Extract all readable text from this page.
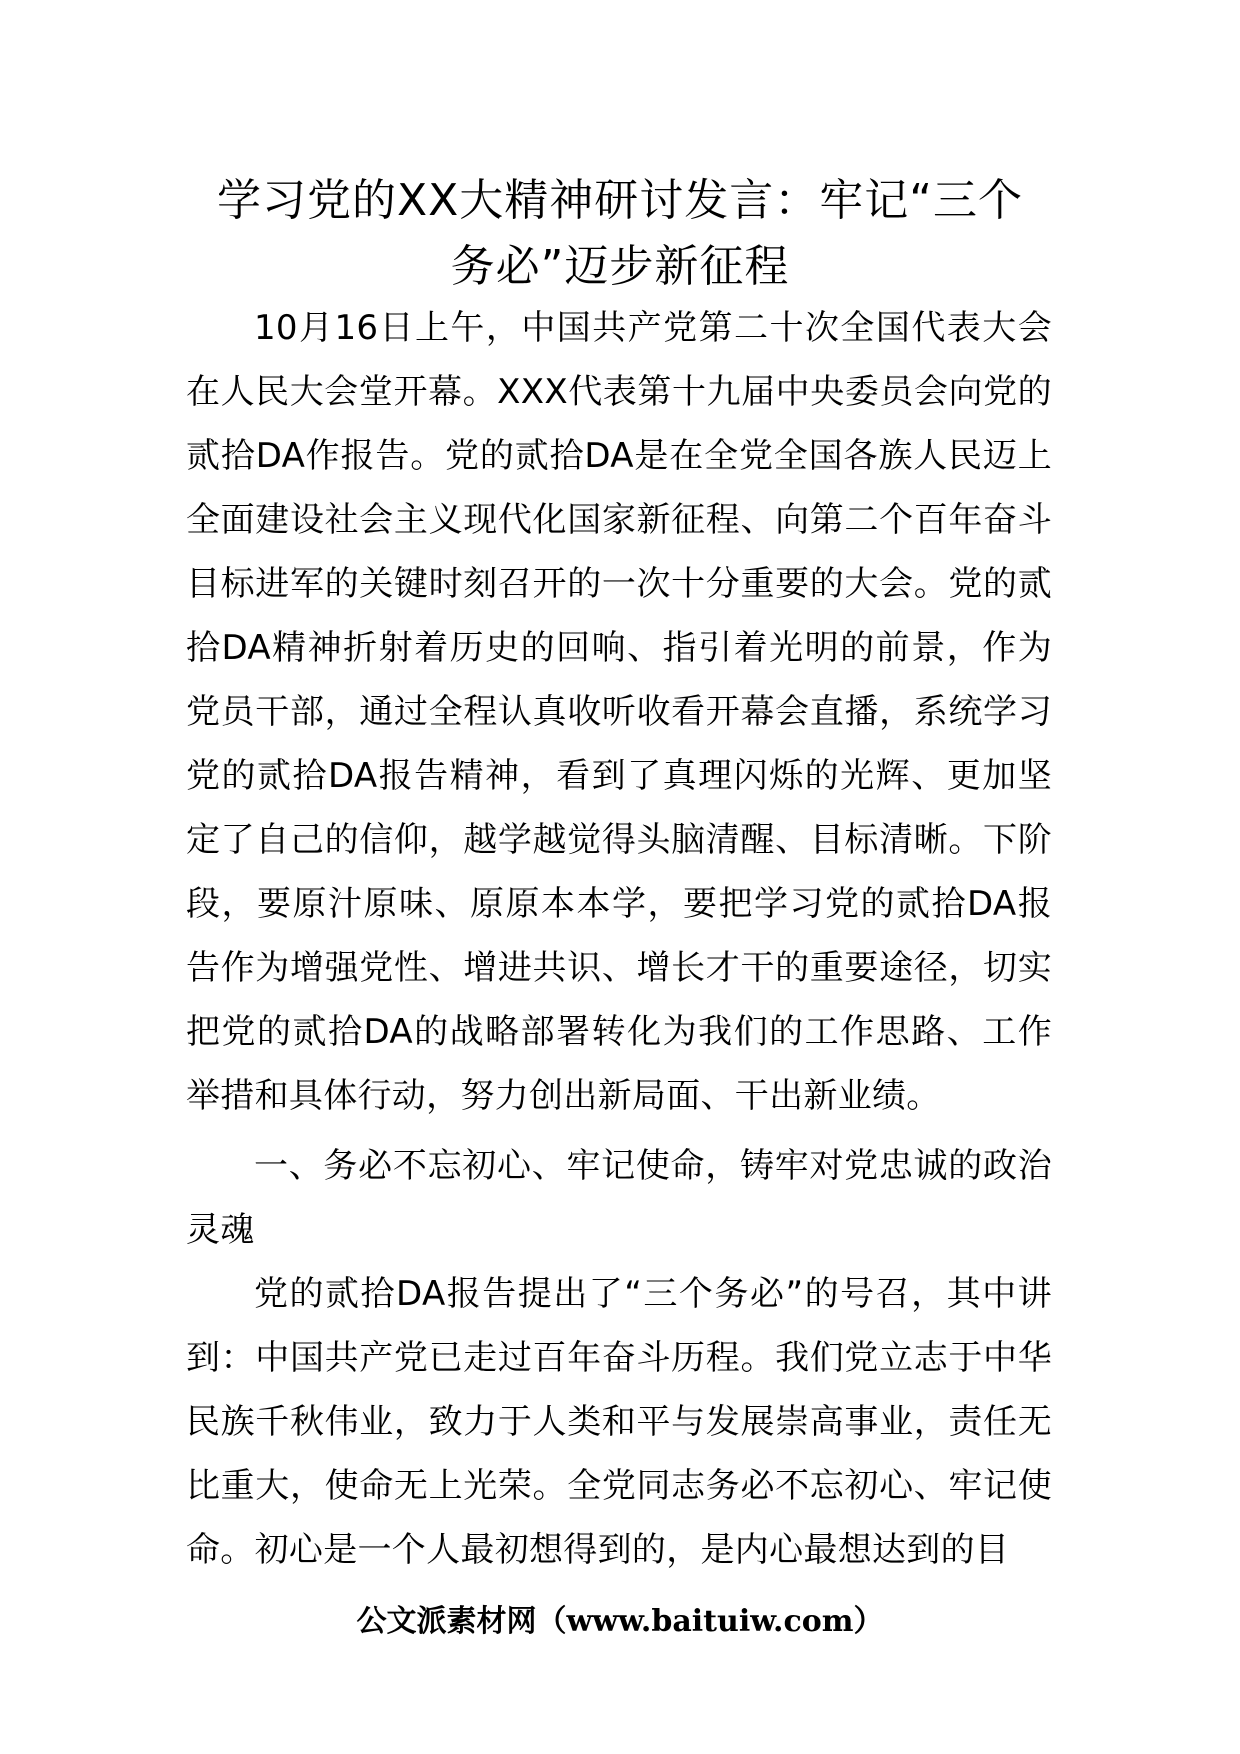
学习党的XX大精神研讨发言：牢记“三个
务必”迈步新征程

10月16日上午，中国共产党第二十次全国代表大会在人民大会堂开幕。XXX代表第十九届中央委员会向党的贰拾DA作报告。党的贰拾DA是在全党全国各族人民迈上全面建设社会主义现代化国家新征程、向第二个百年奋斗目标进军的关键时刻召开的一次十分重要的大会。党的贰拾DA精神折射着历史的回响、指引着光明的前景，作为党员干部，通过全程认真收听收看开幕会直播，系统学习党的贰拾DA报告精神，看到了真理闪烁的光辉、更加坚定了自己的信仰，越学越觉得头脑清醒、目标清晰。下阶段，要原汁原味、原原本本学，要把学习党的贰拾DA报告作为增强党性、增进共识、增长才干的重要途径，切实把党的贰拾DA的战略部署转化为我们的工作思路、工作举措和具体行动，努力创出新局面、干出新业绩。

一、务必不忘初心、牢记使命，铸牢对党忠诚的政治灵魂

党的贰拾DA报告提出了“三个务必”的号召，其中讲到：中国共产党已走过百年奋斗历程。我们党立志于中华民族千秋伟业，致力于人类和平与发展崇高事业，责任无比重大，使命无上光荣。全党同志务必不忘初心、牢记使命。初心是一个人最初想得到的，是内心最想达到的目

公文派素材网（www.baituiw.com）
